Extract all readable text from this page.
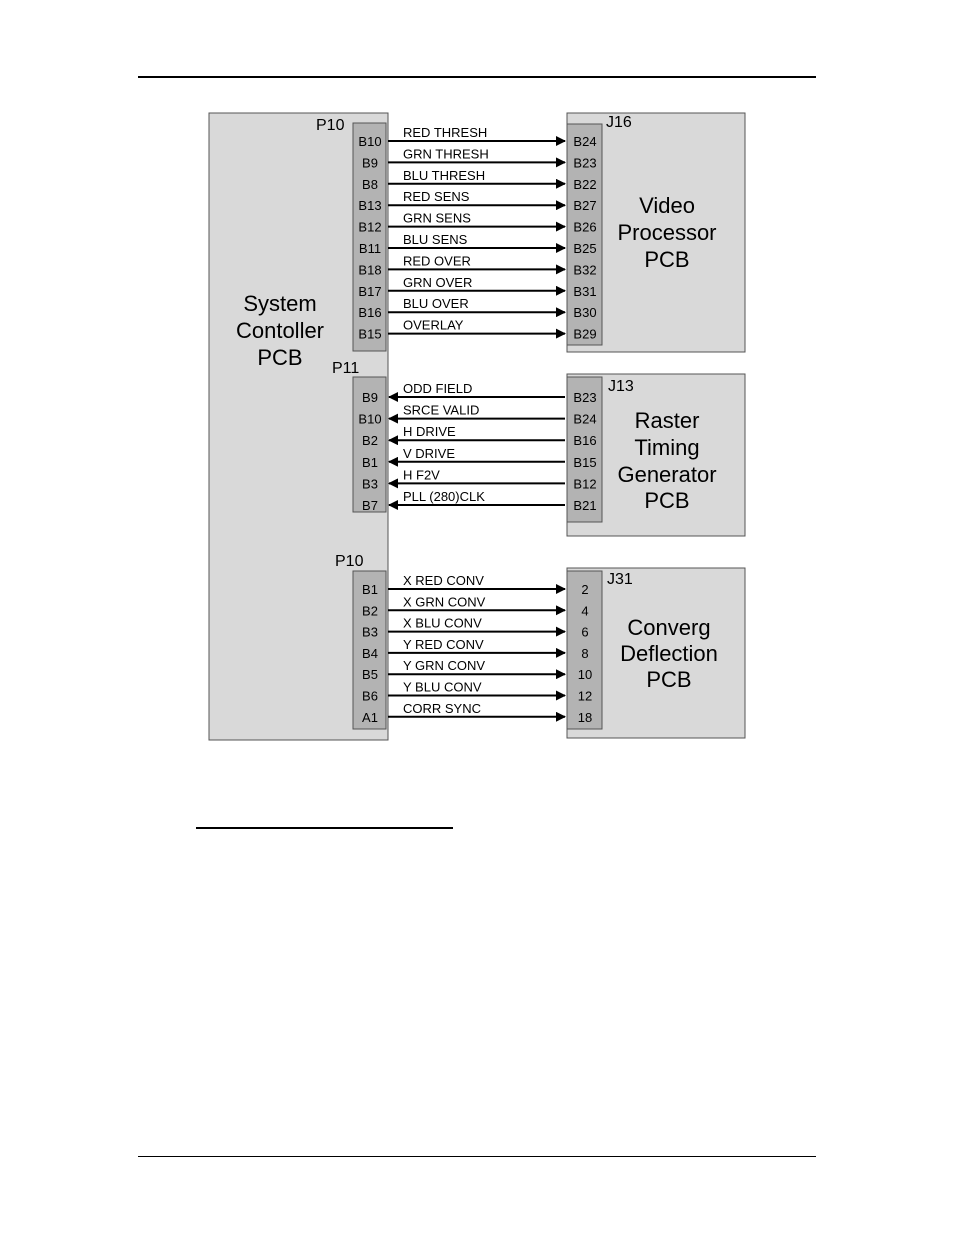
System
Contoller
PCB
Video
Processor
PCB
Raster
Timing
Generator
PCB
Converg
Deflection
PCB
P10	J16
P11
J13
P10
J31
RED THRESH
B10	B24
GRN THRESH
B9	B23
BLU THRESH
B8	B22
RED SENS
B13	B27
GRN SENS
B12	B26
BLU SENS
B11	B25
RED OVER
B18	B32
GRN OVER
B17	B31
BLU OVER
B16	B30
OVERLAY
B15	B29
ODD FIELD
B9	B23
SRCE VALID
B10	B24
H DRIVE
B2	B16
V DRIVE
B1	B15
H F2V
B3	B12
PLL (280)CLK
B7	B21
X RED CONV
B1	2
X GRN CONV
B2	4
X BLU CONV
B3	6
Y RED CONV
B4	8
Y GRN CONV
B5	10
Y BLU CONV
B6	12
CORR SYNC
A1	18
